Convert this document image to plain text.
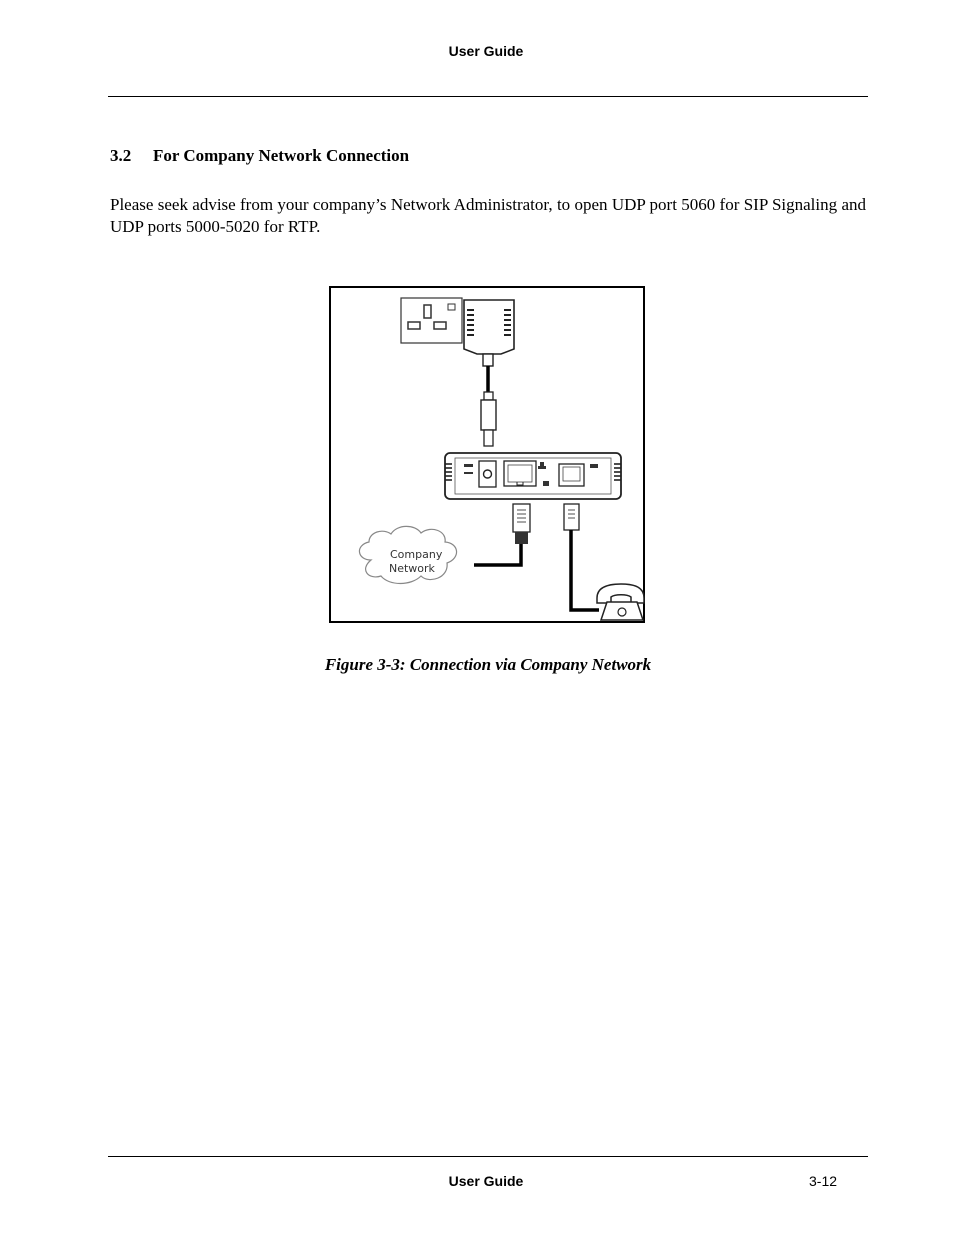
User Guide
3.2 For Company Network Connection
Please seek advise from your company’s Network Administrator, to open UDP port 5060 for SIP Signaling and UDP ports 5000-5020 for RTP.
Company
Network
Figure 3-3: Connection via Company Network
User Guide	3-12
